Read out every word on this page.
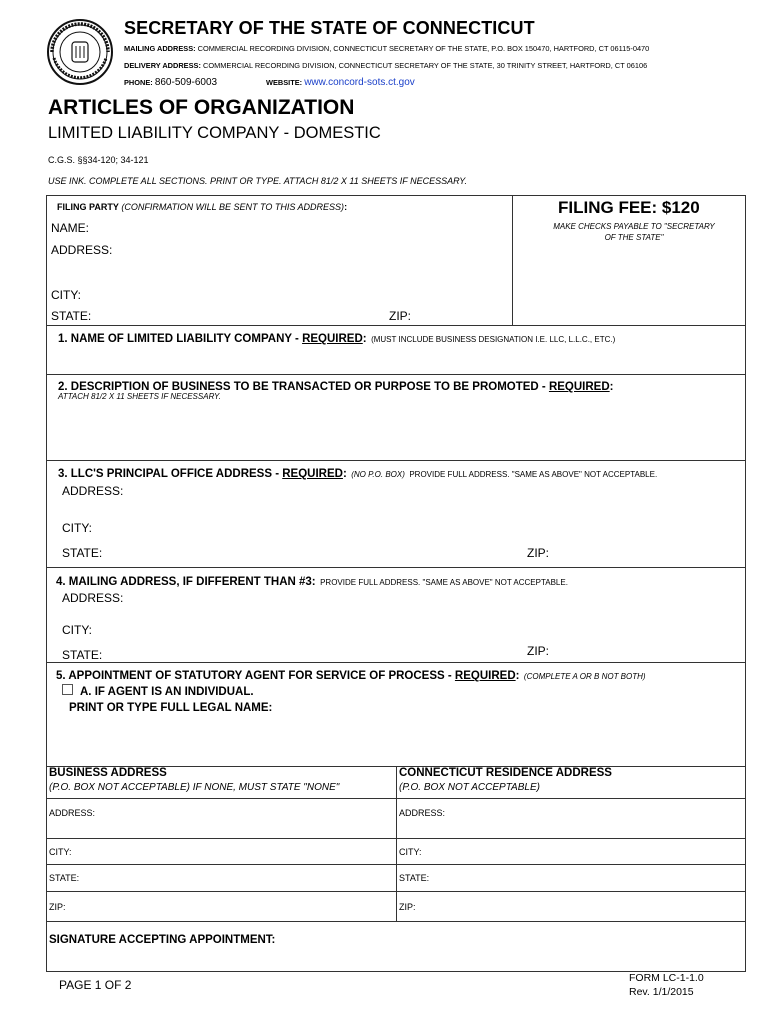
SECRETARY OF THE STATE OF CONNECTICUT
MAILING ADDRESS: COMMERCIAL RECORDING DIVISION, CONNECTICUT SECRETARY OF THE STATE, P.O. BOX 150470, HARTFORD, CT 06115-0470
DELIVERY ADDRESS: COMMERCIAL RECORDING DIVISION, CONNECTICUT SECRETARY OF THE STATE, 30 TRINITY STREET, HARTFORD, CT 06106
PHONE: 860-509-6003	WEBSITE: www.concord-sots.ct.gov
ARTICLES OF ORGANIZATION
LIMITED LIABILITY COMPANY - DOMESTIC
C.G.S. §§34-120; 34-121
USE INK. COMPLETE ALL SECTIONS. PRINT OR TYPE. ATTACH 81/2 X 11 SHEETS IF NECESSARY.
FILING PARTY (CONFIRMATION WILL BE SENT TO THIS ADDRESS):
NAME:
ADDRESS:
CITY:
STATE:	ZIP:
FILING FEE: $120
MAKE CHECKS PAYABLE TO "SECRETARY
OF THE STATE"
1. NAME OF LIMITED LIABILITY COMPANY - REQUIRED: (MUST INCLUDE BUSINESS DESIGNATION I.E. LLC, L.L.C., ETC.)
2. DESCRIPTION OF BUSINESS TO BE TRANSACTED OR PURPOSE TO BE PROMOTED - REQUIRED:
ATTACH 81/2 X 11 SHEETS IF NECESSARY.
3. LLC'S PRINCIPAL OFFICE ADDRESS - REQUIRED: (NO P.O. BOX) PROVIDE FULL ADDRESS. "SAME AS ABOVE" NOT ACCEPTABLE.
ADDRESS:
CITY:
STATE:	ZIP:
4. MAILING ADDRESS, IF DIFFERENT THAN #3: PROVIDE FULL ADDRESS. "SAME AS ABOVE" NOT ACCEPTABLE.
ADDRESS:
CITY:
STATE:	ZIP:
5. APPOINTMENT OF STATUTORY AGENT FOR SERVICE OF PROCESS - REQUIRED: (COMPLETE A OR B NOT BOTH)
A. IF AGENT IS AN INDIVIDUAL.
PRINT OR TYPE FULL LEGAL NAME:
BUSINESS ADDRESS
(P.O. BOX NOT ACCEPTABLE) IF NONE, MUST STATE "NONE"
CONNECTICUT RESIDENCE ADDRESS
(P.O. BOX NOT ACCEPTABLE)
ADDRESS:	ADDRESS:
CITY:	CITY:
STATE:	STATE:
ZIP:	ZIP:
SIGNATURE ACCEPTING APPOINTMENT:
PAGE 1 OF 2	FORM LC-1-1.0
Rev. 1/1/2015
